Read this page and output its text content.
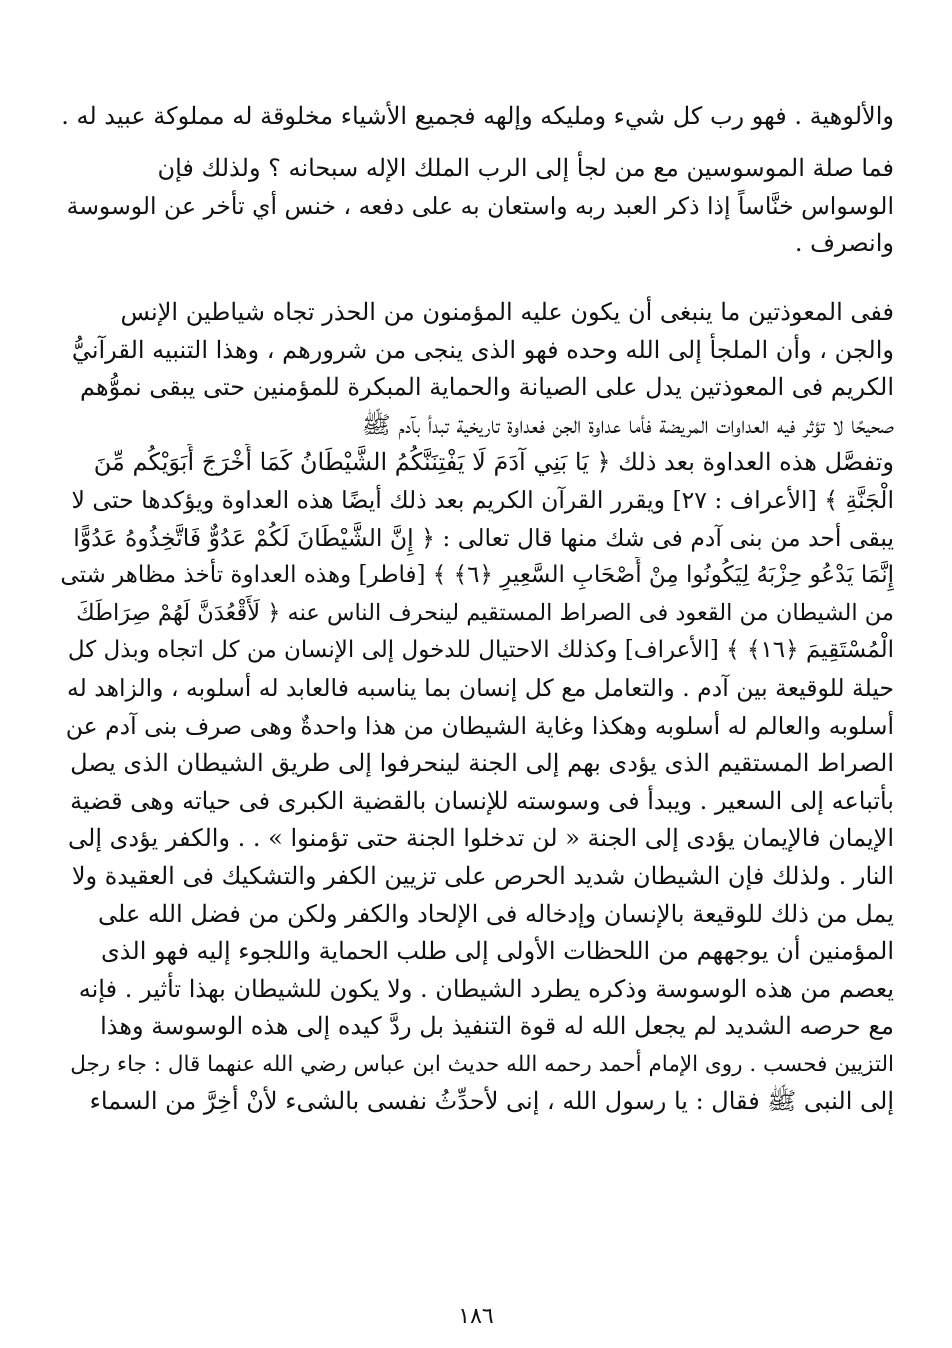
والألوهية . فهو رب كل شيء ومليكه وإلهه فجميع الأشياء مخلوقة له مملوكة عبيد له .
فما صلة الموسوسين مع من لجأ إلى الرب الملك الإله سبحانه ؟ ولذلك فإن
الوسواس خنَّاساً إذا ذكر العبد ربه واستعان به على دفعه ، خنس أي تأخر عن الوسوسة
وانصرف .
ففى المعوذتين ما ينبغى أن يكون عليه المؤمنون من الحذر تجاه شياطين الإنس
والجن ، وأن الملجأ إلى الله وحده فهو الذى ينجى من شرورهم ، وهذا التنبيه القرآنيُّ
الكريم فى المعوذتين يدل على الصيانة والحماية المبكرة للمؤمنين حتى يبقى نموُّهم
صحيحًا لا تؤثر فيه العداوات المريضة فأما عداوة الجن فعداوة تاريخية تبدأ بآدم ﷺ
وتفصَّل هذه العداوة بعد ذلك ﴿ يَا بَنِي آدَمَ لَا يَفْتِنَنَّكُمُ الشَّيْطَانُ كَمَا أَخْرَجَ أَبَوَيْكُم مِّنَ
الْجَنَّةِ ﴾ [الأعراف : ٢٧] ويقرر القرآن الكريم بعد ذلك أيضًا هذه العداوة ويؤكدها حتى لا
يبقى أحد من بنى آدم فى شك منها قال تعالى : ﴿ إِنَّ الشَّيْطَانَ لَكُمْ عَدُوٌّ فَاتَّخِذُوهُ عَدُوًّا
إِنَّمَا يَدْعُو حِزْبَهُ لِيَكُونُوا مِنْ أَصْحَابِ السَّعِيرِ ﴿٦﴾ ﴾ [فاطر] وهذه العداوة تأخذ مظاهر شتى
من الشيطان من القعود فى الصراط المستقيم لينحرف الناس عنه ﴿ لَأَقْعُدَنَّ لَهُمْ صِرَاطَكَ
الْمُسْتَقِيمَ ﴿١٦﴾ ﴾ [الأعراف] وكذلك الاحتيال للدخول إلى الإنسان من كل اتجاه وبذل كل
حيلة للوقيعة بين آدم . والتعامل مع كل إنسان بما يناسبه فالعابد له أسلوبه ، والزاهد له
أسلوبه والعالم له أسلوبه وهكذا وغاية الشيطان من هذا واحدةٌ وهى صرف بنى آدم عن
الصراط المستقيم الذى يؤدى بهم إلى الجنة لينحرفوا إلى طريق الشيطان الذى يصل
بأتباعه إلى السعير . ويبدأ فى وسوسته للإنسان بالقضية الكبرى فى حياته وهى قضية
الإيمان فالإيمان يؤدى إلى الجنة « لن تدخلوا الجنة حتى تؤمنوا » . . والكفر يؤدى إلى
النار . ولذلك فإن الشيطان شديد الحرص على تزيين الكفر والتشكيك فى العقيدة ولا
يمل من ذلك للوقيعة بالإنسان وإدخاله فى الإلحاد والكفر ولكن من فضل الله على
المؤمنين أن يوجههم من اللحظات الأولى إلى طلب الحماية واللجوء إليه فهو الذى
يعصم من هذه الوسوسة وذكره يطرد الشيطان . ولا يكون للشيطان بهذا تأثير . فإنه
مع حرصه الشديد لم يجعل الله له قوة التنفيذ بل ردَّ كيده إلى هذه الوسوسة وهذا
التزيين فحسب . روى الإمام أحمد رحمه الله حديث ابن عباس رضي الله عنهما قال : جاء رجل
إلى النبى ﷺ فقال : يا رسول الله ، إنى لأحدِّثُ نفسى بالشىء لأنْ أخِرَّ من السماء
١٨٦
